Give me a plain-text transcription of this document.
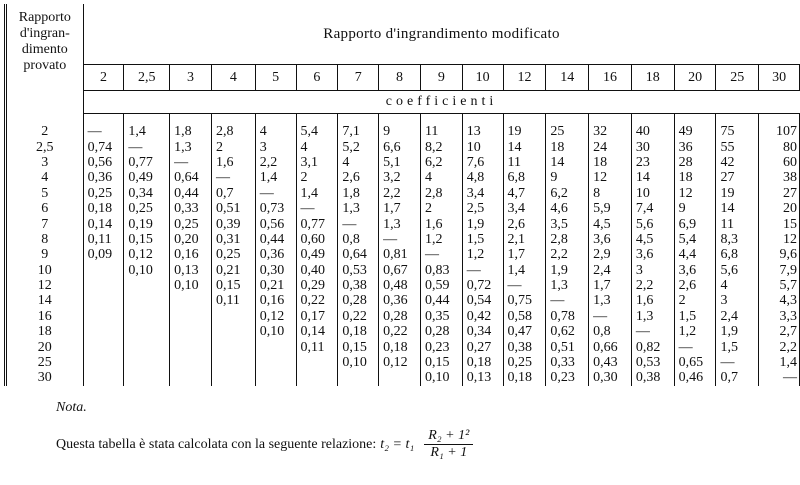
Rapporto d'ingran-dimento provato	Rapporto d'ingrandimento modificato																
	2	2,5	3	4	5	6	7	8	9	10	12	14	16	18	20	25	30
	coefficienti																
2	—	1,4	1,8	2,8	4	5,4	7,1	9	11	13	19	25	32	40	49	75	107
2,5	0,74	—	1,3	2	3	4	5,2	6,6	8,2	10	14	18	24	30	36	55	80
3	0,56	0,77	—	1,6	2,2	3,1	4	5,1	6,2	7,6	11	14	18	23	28	42	60
4	0,36	0,49	0,64	—	1,4	2	2,6	3,2	4	4,8	6,8	9	12	14	18	27	38
5	0,25	0,34	0,44	0,7	—	1,4	1,8	2,2	2,8	3,4	4,7	6,2	8	10	12	19	27
6	0,18	0,25	0,33	0,51	0,73	—	1,3	1,7	2	2,5	3,4	4,6	5,9	7,4	9	14	20
7	0,14	0,19	0,25	0,39	0,56	0,77	—	1,3	1,6	1,9	2,6	3,5	4,5	5,6	6,9	11	15
8	0,11	0,15	0,20	0,31	0,44	0,60	0,8	—	1,2	1,5	2,1	2,8	3,6	4,5	5,4	8,3	12
9	0,09	0,12	0,16	0,25	0,36	0,49	0,64	0,81	—	1,2	1,7	2,2	2,9	3,6	4,4	6,8	9,6
10		0,10	0,13	0,21	0,30	0,40	0,53	0,67	0,83	—	1,4	1,9	2,4	3	3,6	5,6	7,9
12			0,10	0,15	0,21	0,29	0,38	0,48	0,59	0,72	—	1,3	1,7	2,2	2,6	4	5,7
14				0,11	0,16	0,22	0,28	0,36	0,44	0,54	0,75	—	1,3	1,6	2	3	4,3
16					0,12	0,17	0,22	0,28	0,35	0,42	0,58	0,78	—	1,3	1,5	2,4	3,3
18					0,10	0,14	0,18	0,22	0,28	0,34	0,47	0,62	0,8	—	1,2	1,9	2,7
20						0,11	0,15	0,18	0,23	0,27	0,38	0,51	0,66	0,82	—	1,5	2,2
25							0,10	0,12	0,15	0,18	0,25	0,33	0,43	0,53	0,65	—	1,4
30									0,10	0,13	0,18	0,23	0,30	0,38	0,46	0,7	—
Nota.
Questa tabella è stata calcolata con la seguente relazione: $t_2 = t_1 \frac{\text{R₂ + 1²}}{\text{R₁ + 1}}$
